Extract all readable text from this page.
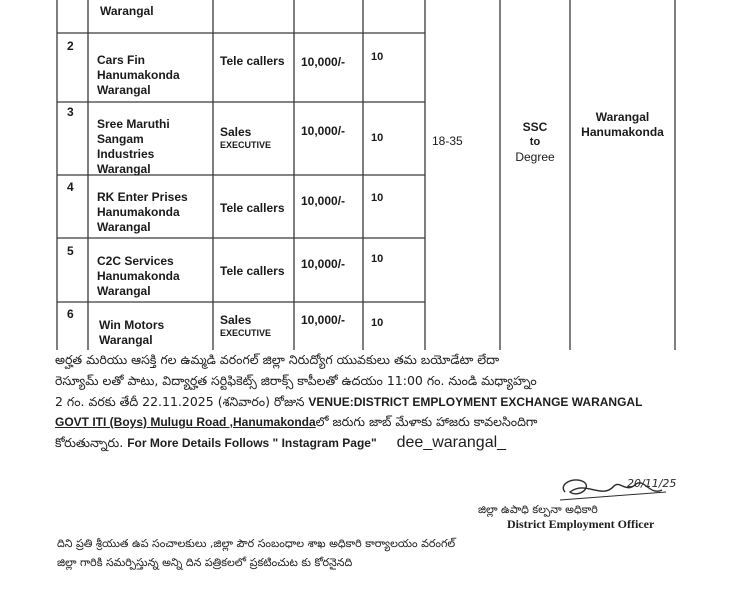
Warangal
2
Cars Fin
Hanumakonda
Warangal
Tele callers 10,000/- 10
3
Sree Maruthi
Sangam
Industries
Warangal
Sales
EXECUTIVE
10,000/- 10
4
RK Enter Prises
Hanumakonda
Warangal
Tele callers 10,000/- 10
5
C2C Services
Hanumakonda
Warangal
Tele callers 10,000/- 10
6
Win Motors
Warangal
Sales
EXECUTIVE
10,000/- 10
18-35
SSC
to
Degree
Warangal
Hanumakonda
అర్హత మరియు ఆసక్తి గల ఉమ్మడి వరంగల్ జిల్లా నిరుద్యోగ యువకులు తమ బయోడేటా లేదా
రెస్యూమ్ లతో పాటు, విద్యార్హత సర్టిఫికెట్స్ జిరాక్స్ కాపీలతో ఉదయం 11:00 గం. నుండి మధ్యాహ్నం
2 గం. వరకు తేదీ 22.11.2025 (శనివారం) రోజున VENUE:DISTRICT EMPLOYMENT EXCHANGE WARANGAL
GOVT ITI (Boys) Mulugu Road ,Hanumakondaలో జరుగు జాబ్ మేళాకు హాజరు కావలసిందిగా
కోరుతున్నారు. For More Details Follows " Instagram Page" dee_warangal_
20/11/25
జిల్లా ఉపాధి కల్పనా అధికారి
District Employment Officer
దిని ప్రతి శ్రీయుత ఉప సంచాలకులు ,జిల్లా పౌర సంబంధాల శాఖ అధికారి కార్యాలయం వరంగల్
జిల్లా గారికి సమర్పిస్తున్న అన్ని దిన పత్రికలలో ప్రకటించుట కు కోరనైనది
